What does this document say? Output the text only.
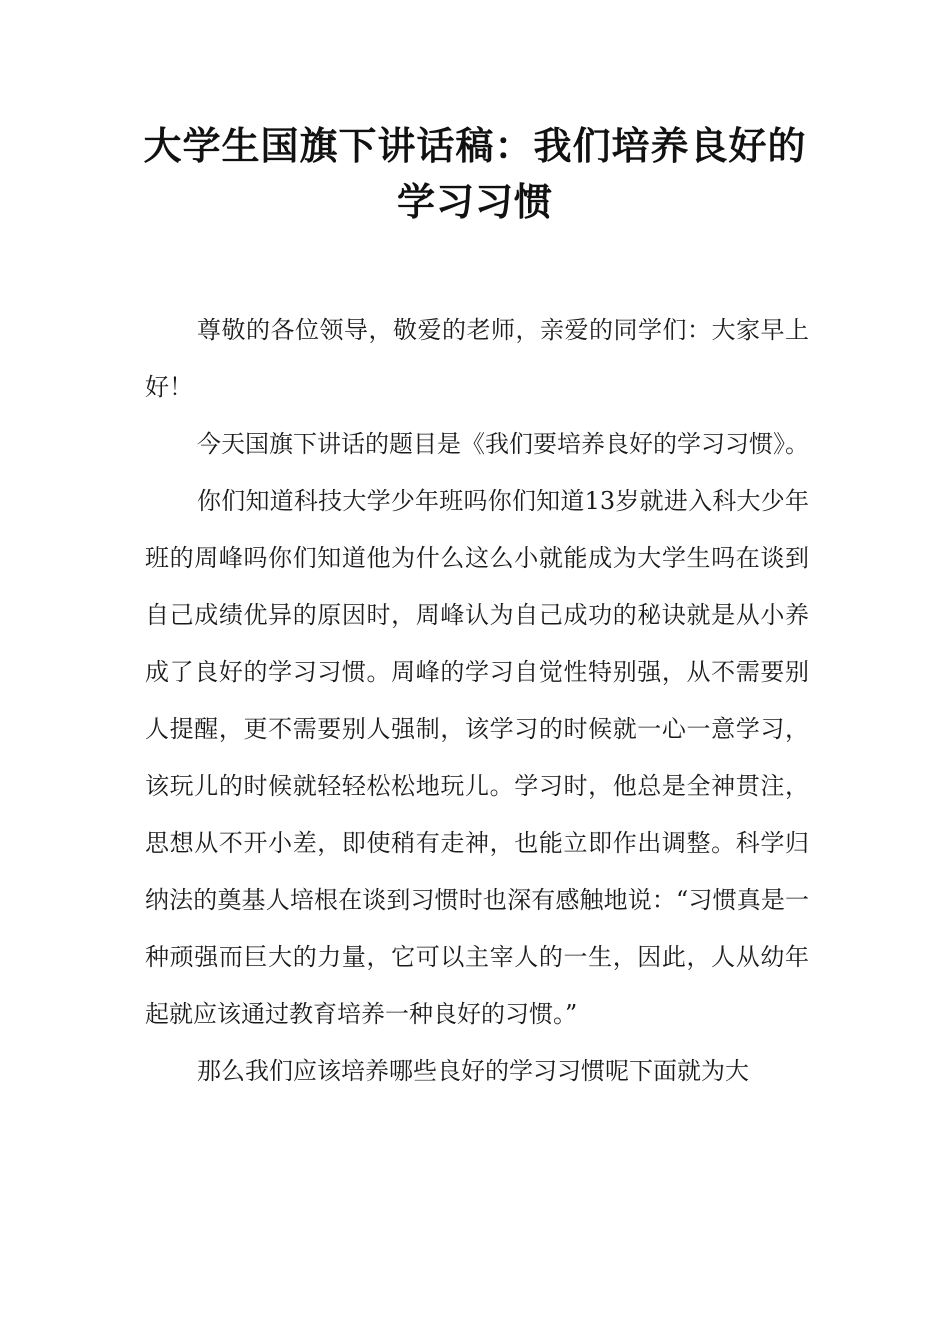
大学生国旗下讲话稿：我们培养良好的
学习习惯

尊敬的各位领导，敬爱的老师，亲爱的同学们：大家早上好！

今天国旗下讲话的题目是《我们要培养良好的学习习惯》。

你们知道科技大学少年班吗你们知道13岁就进入科大少年班的周峰吗你们知道他为什么这么小就能成为大学生吗在谈到自己成绩优异的原因时，周峰认为自己成功的秘诀就是从小养成了良好的学习习惯。周峰的学习自觉性特别强，从不需要别人提醒，更不需要别人强制，该学习的时候就一心一意学习，该玩儿的时候就轻轻松松地玩儿。学习时，他总是全神贯注，思想从不开小差，即使稍有走神，也能立即作出调整。科学归纳法的奠基人培根在谈到习惯时也深有感触地说：“习惯真是一种顽强而巨大的力量，它可以主宰人的一生，因此，人从幼年起就应该通过教育培养一种良好的习惯。”

那么我们应该培养哪些良好的学习习惯呢下面就为大
